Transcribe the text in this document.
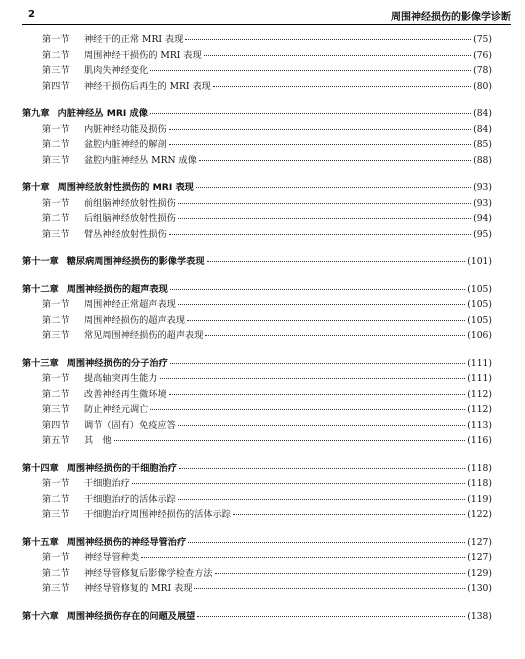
2	周围神经损伤的影像学诊断
第一节	神经干的正常 MRI 表现	(75)
第二节	周围神经干损伤的 MRI 表现	(76)
第三节	肌肉失神经变化	(78)
第四节	神经干损伤后再生的 MRI 表现	(80)
第九章 内脏神经丛 MRI 成像	(84)
第一节	内脏神经功能及损伤	(84)
第二节	盆腔内脏神经的解剖	(85)
第三节	盆腔内脏神经丛 MRN 成像	(88)
第十章 周围神经放射性损伤的 MRI 表现	(93)
第一节	前组脑神经放射性损伤	(93)
第二节	后组脑神经放射性损伤	(94)
第三节	臂丛神经放射性损伤	(95)
第十一章 糖尿病周围神经损伤的影像学表现	(101)
第十二章 周围神经损伤的超声表现	(105)
第一节	周围神经正常超声表现	(105)
第二节	周围神经损伤的超声表现	(105)
第三节	常见周围神经损伤的超声表现	(106)
第十三章 周围神经损伤的分子治疗	(111)
第一节	提高轴突再生能力	(111)
第二节	改善神经再生微环境	(112)
第三节	防止神经元凋亡	(112)
第四节	调节（固有）免疫应答	(113)
第五节	其　他	(116)
第十四章 周围神经损伤的干细胞治疗	(118)
第一节	干细胞治疗	(118)
第二节	干细胞治疗的活体示踪	(119)
第三节	干细胞治疗周围神经损伤的活体示踪	(122)
第十五章 周围神经损伤的神经导管治疗	(127)
第一节	神经导管种类	(127)
第二节	神经导管修复后影像学检查方法	(129)
第三节	神经导管修复的 MRI 表现	(130)
第十六章 周围神经损伤存在的问题及展望	(138)
